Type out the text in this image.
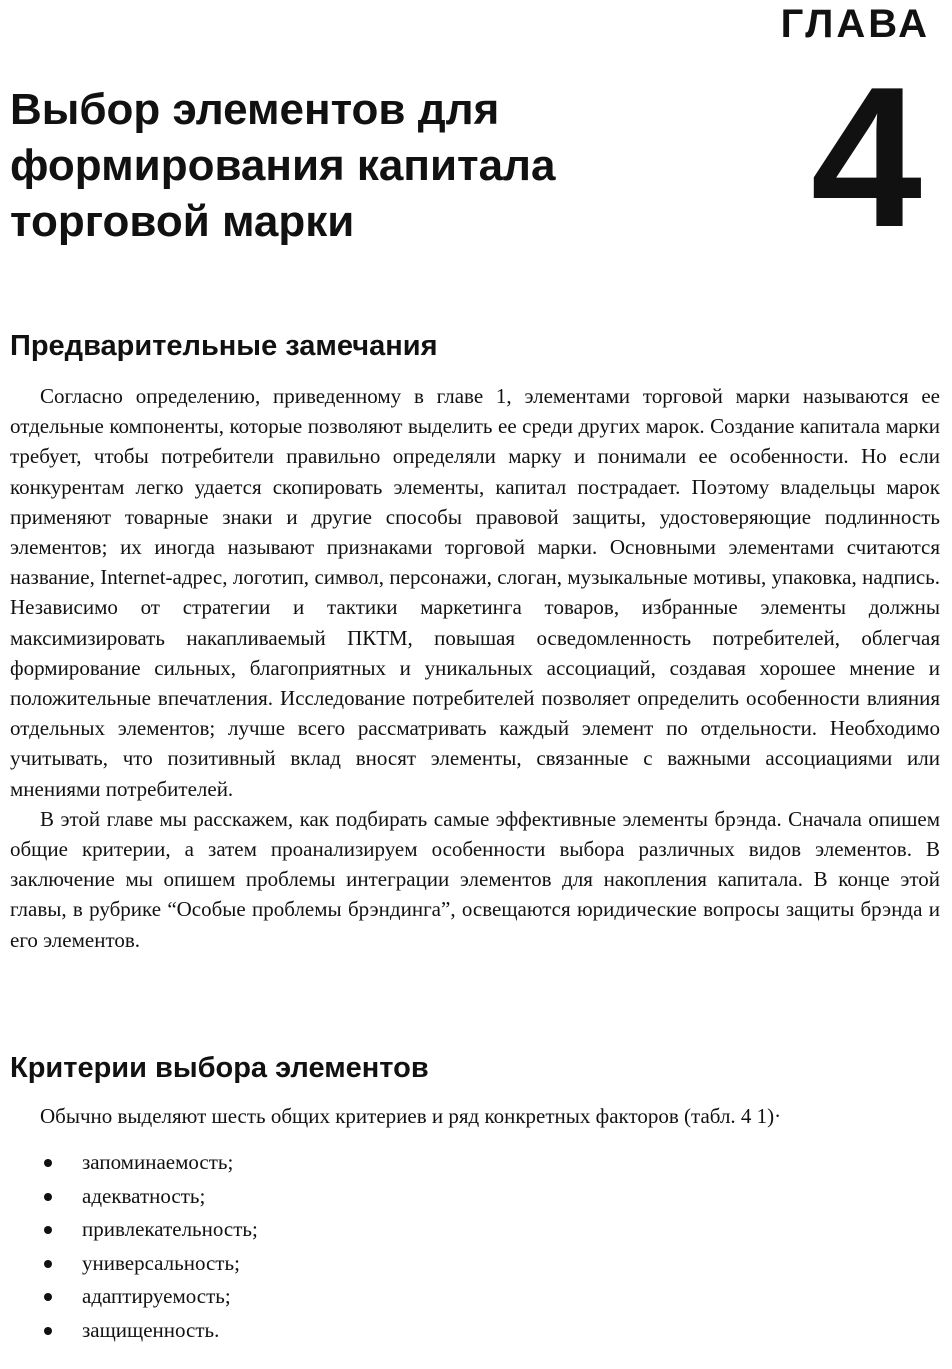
ГЛАВА
4
Выбор элементов для
формирования капитала
торговой марки
Предварительные замечания

Согласно определению, приведенному в главе 1, элементами торговой марки называются ее отдельные компоненты, которые позволяют выделить ее среди других марок. Создание капитала марки требует, чтобы потребители правильно определяли марку и понимали ее особенности. Но если конкурентам легко удается скопировать элементы, капитал пострадает. Поэтому владельцы марок применяют товарные знаки и другие способы правовой защиты, удостоверяющие подлинность элементов; их иногда называют признаками торговой марки. Основными элементами считаются название, Internet-адрес, логотип, символ, персонажи, слоган, музыкальные мотивы, упаковка, надпись. Независимо от стратегии и тактики маркетинга товаров, избранные элементы должны максимизировать накапливаемый ПКТМ, повышая осведомленность потребителей, облегчая формирование сильных, благоприятных и уникальных ассоциаций, создавая хорошее мнение и положительные впечатления. Исследование потребителей позволяет определить особенности влияния отдельных элементов; лучше всего рассматривать каждый элемент по отдельности. Необходимо учитывать, что позитивный вклад вносят элементы, связанные с важными ассоциациями или мнениями потребителей.

В этой главе мы расскажем, как подбирать самые эффективные элементы брэнда. Сначала опишем общие критерии, а затем проанализируем особенности выбора различных видов элементов. В заключение мы опишем проблемы интеграции элементов для накопления капитала. В конце этой главы, в рубрике “Особые проблемы брэндинга”, освещаются юридические вопросы защиты брэнда и его элементов.

Критерии выбора элементов

Обычно выделяют шесть общих критериев и ряд конкретных факторов (табл. 4 1)·

запоминаемость;
адекватность;
привлекательность;
универсальность;
адаптируемость;
защищенность.
